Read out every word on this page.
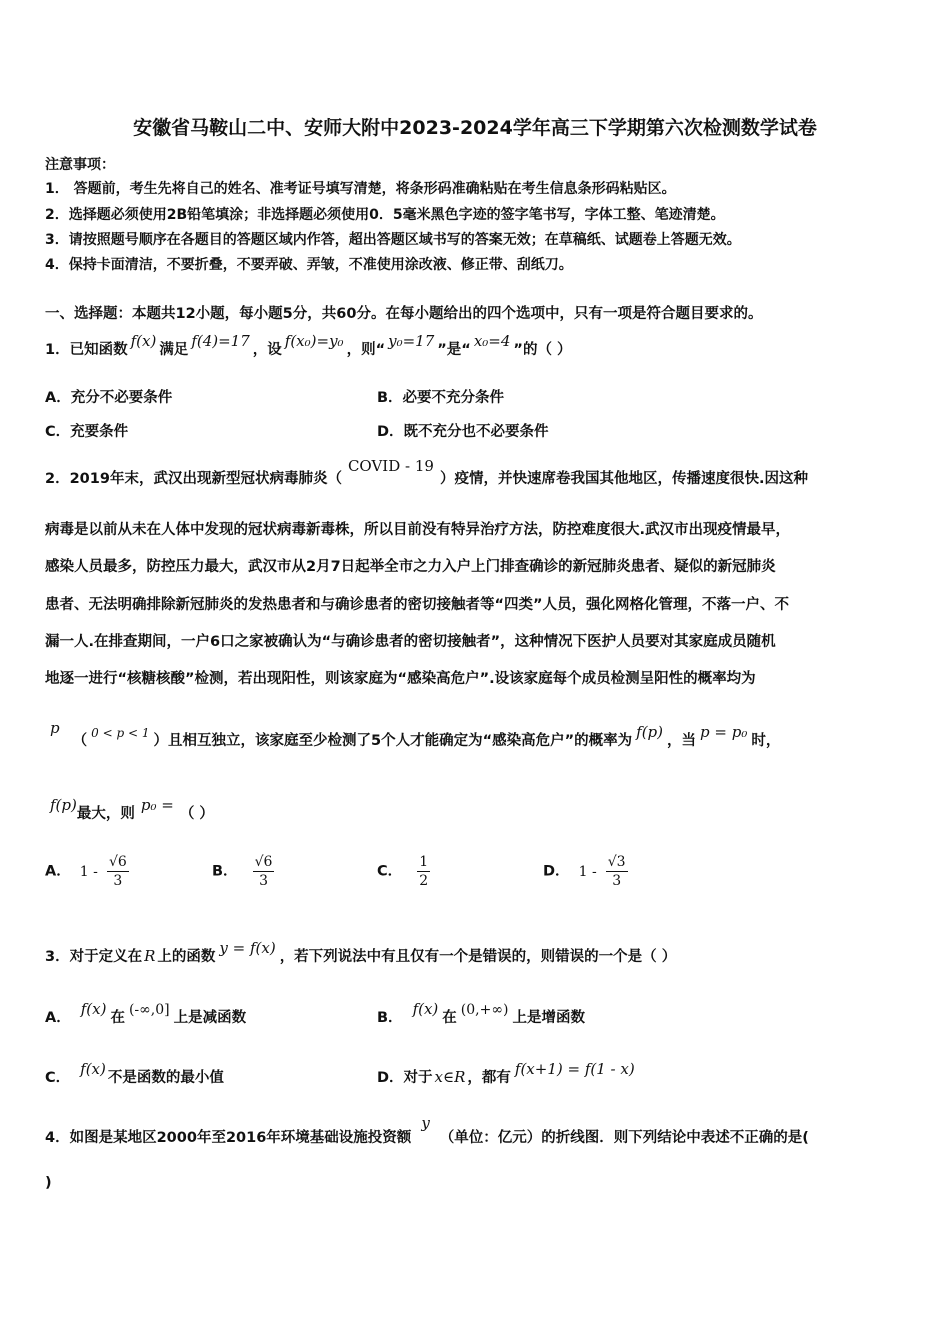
安徽省马鞍山二中、安师大附中2023-2024学年高三下学期第六次检测数学试卷
注意事项：
1． 答题前，考生先将自己的姓名、准考证号填写清楚，将条形码准确粘贴在考生信息条形码粘贴区。
2．选择题必须使用2B铅笔填涂；非选择题必须使用0．5毫米黑色字迹的签字笔书写，字体工整、笔迹清楚。
3．请按照题号顺序在各题目的答题区域内作答，超出答题区域书写的答案无效；在草稿纸、试题卷上答题无效。
4．保持卡面清洁，不要折叠，不要弄破、弄皱，不准使用涂改液、修正带、刮纸刀。
一、选择题：本题共12小题，每小题5分，共60分。在每小题给出的四个选项中，只有一项是符合题目要求的。
1．已知函数 f(x) 满足 f(4)=17 ，设 f(x₀)=y₀ ，则“ y₀=17 ”是“ x₀=4 ”的（ ）
A．充分不必要条件	B．必要不充分条件
C．充要条件	D．既不充分也不必要条件
2．2019年末，武汉出现新型冠状病毒肺炎（COVID - 19）疫情，并快速席卷我国其他地区，传播速度很快.因这种
病毒是以前从未在人体中发现的冠状病毒新毒株，所以目前没有特异治疗方法，防控难度很大.武汉市出现疫情最早，
感染人员最多，防控压力最大，武汉市从2月7日起举全市之力入户上门排查确诊的新冠肺炎患者、疑似的新冠肺炎
患者、无法明确排除新冠肺炎的发热患者和与确诊患者的密切接触者等“四类”人员，强化网格化管理，不落一户、不
漏一人.在排查期间，一户6口之家被确认为“与确诊患者的密切接触者”，这种情况下医护人员要对其家庭成员随机
地逐一进行“核糖核酸”检测，若出现阳性，则该家庭为“感染高危户”.设该家庭每个成员检测呈阳性的概率均为
p （ $^{0 < p < 1}$ ）且相互独立，该家庭至少检测了5个人才能确定为“感染高危户”的概率为 f(p) ，当 p = p₀ 时，
f(p)最大，则 p₀ = （ ）
A． $1 - \frac{√6}{3}$	B． $\frac{√6}{3}$	C． $\frac{1}{2}$	D． $1 - \frac{√3}{3}$
3．对于定义在 R 上的函数 y = f(x) ，若下列说法中有且仅有一个是错误的，则错误的一个是（ ）
A． f(x) 在 (-∞,0] 上是减函数	B． f(x) 在 (0,+∞) 上是增函数
C． f(x) 不是函数的最小值	D．对于 x∈R ，都有 f(x+1) = f(1 - x)
4．如图是某地区2000年至2016年环境基础设施投资额y（单位：亿元）的折线图．则下列结论中表述不正确的是(
)
